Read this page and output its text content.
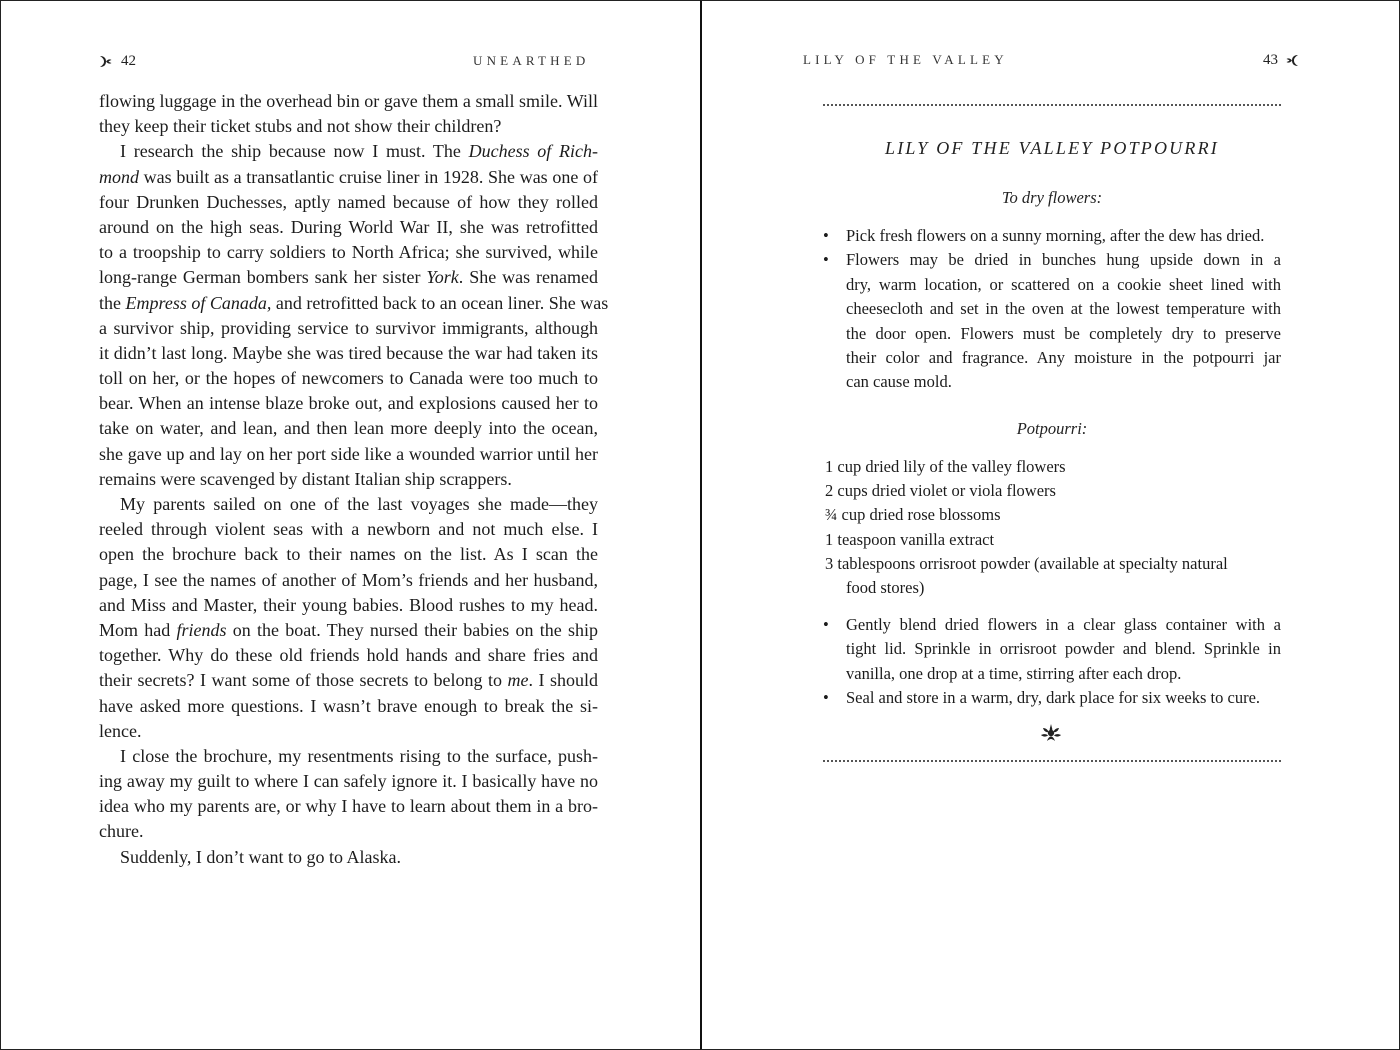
42	UNEARTHED
flowing luggage in the overhead bin or gave them a small smile. Will
they keep their ticket stubs and not show their children?
I research the ship because now I must. The Duchess of Rich-
mond was built as a transatlantic cruise liner in 1928. She was one of
four Drunken Duchesses, aptly named because of how they rolled
around on the high seas. During World War II, she was retrofitted
to a troopship to carry soldiers to North Africa; she survived, while
long-range German bombers sank her sister York. She was renamed
the Empress of Canada, and retrofitted back to an ocean liner. She was
a survivor ship, providing service to survivor immigrants, although
it didn’t last long. Maybe she was tired because the war had taken its
toll on her, or the hopes of newcomers to Canada were too much to
bear. When an intense blaze broke out, and explosions caused her to
take on water, and lean, and then lean more deeply into the ocean,
she gave up and lay on her port side like a wounded warrior until her
remains were scavenged by distant Italian ship scrappers.
My parents sailed on one of the last voyages she made—they
reeled through violent seas with a newborn and not much else. I
open the brochure back to their names on the list. As I scan the
page, I see the names of another of Mom’s friends and her husband,
and Miss and Master, their young babies. Blood rushes to my head.
Mom had friends on the boat. They nursed their babies on the ship
together. Why do these old friends hold hands and share fries and
their secrets? I want some of those secrets to belong to me. I should
have asked more questions. I wasn’t brave enough to break the si-
lence.
I close the brochure, my resentments rising to the surface, push-
ing away my guilt to where I can safely ignore it. I basically have no
idea who my parents are, or why I have to learn about them in a bro-
chure.
Suddenly, I don’t want to go to Alaska.
LILY OF THE VALLEY	43
LILY OF THE VALLEY POTPOURRI
To dry flowers:
• Pick fresh flowers on a sunny morning, after the dew has dried.
• Flowers may be dried in bunches hung upside down in a
dry, warm location, or scattered on a cookie sheet lined with
cheesecloth and set in the oven at the lowest temperature with
the door open. Flowers must be completely dry to preserve
their color and fragrance. Any moisture in the potpourri jar
can cause mold.
Potpourri:
1 cup dried lily of the valley flowers
2 cups dried violet or viola flowers
¾ cup dried rose blossoms
1 teaspoon vanilla extract
3 tablespoons orrisroot powder (available at specialty natural
food stores)
• Gently blend dried flowers in a clear glass container with a
tight lid. Sprinkle in orrisroot powder and blend. Sprinkle in
vanilla, one drop at a time, stirring after each drop.
• Seal and store in a warm, dry, dark place for six weeks to cure.
